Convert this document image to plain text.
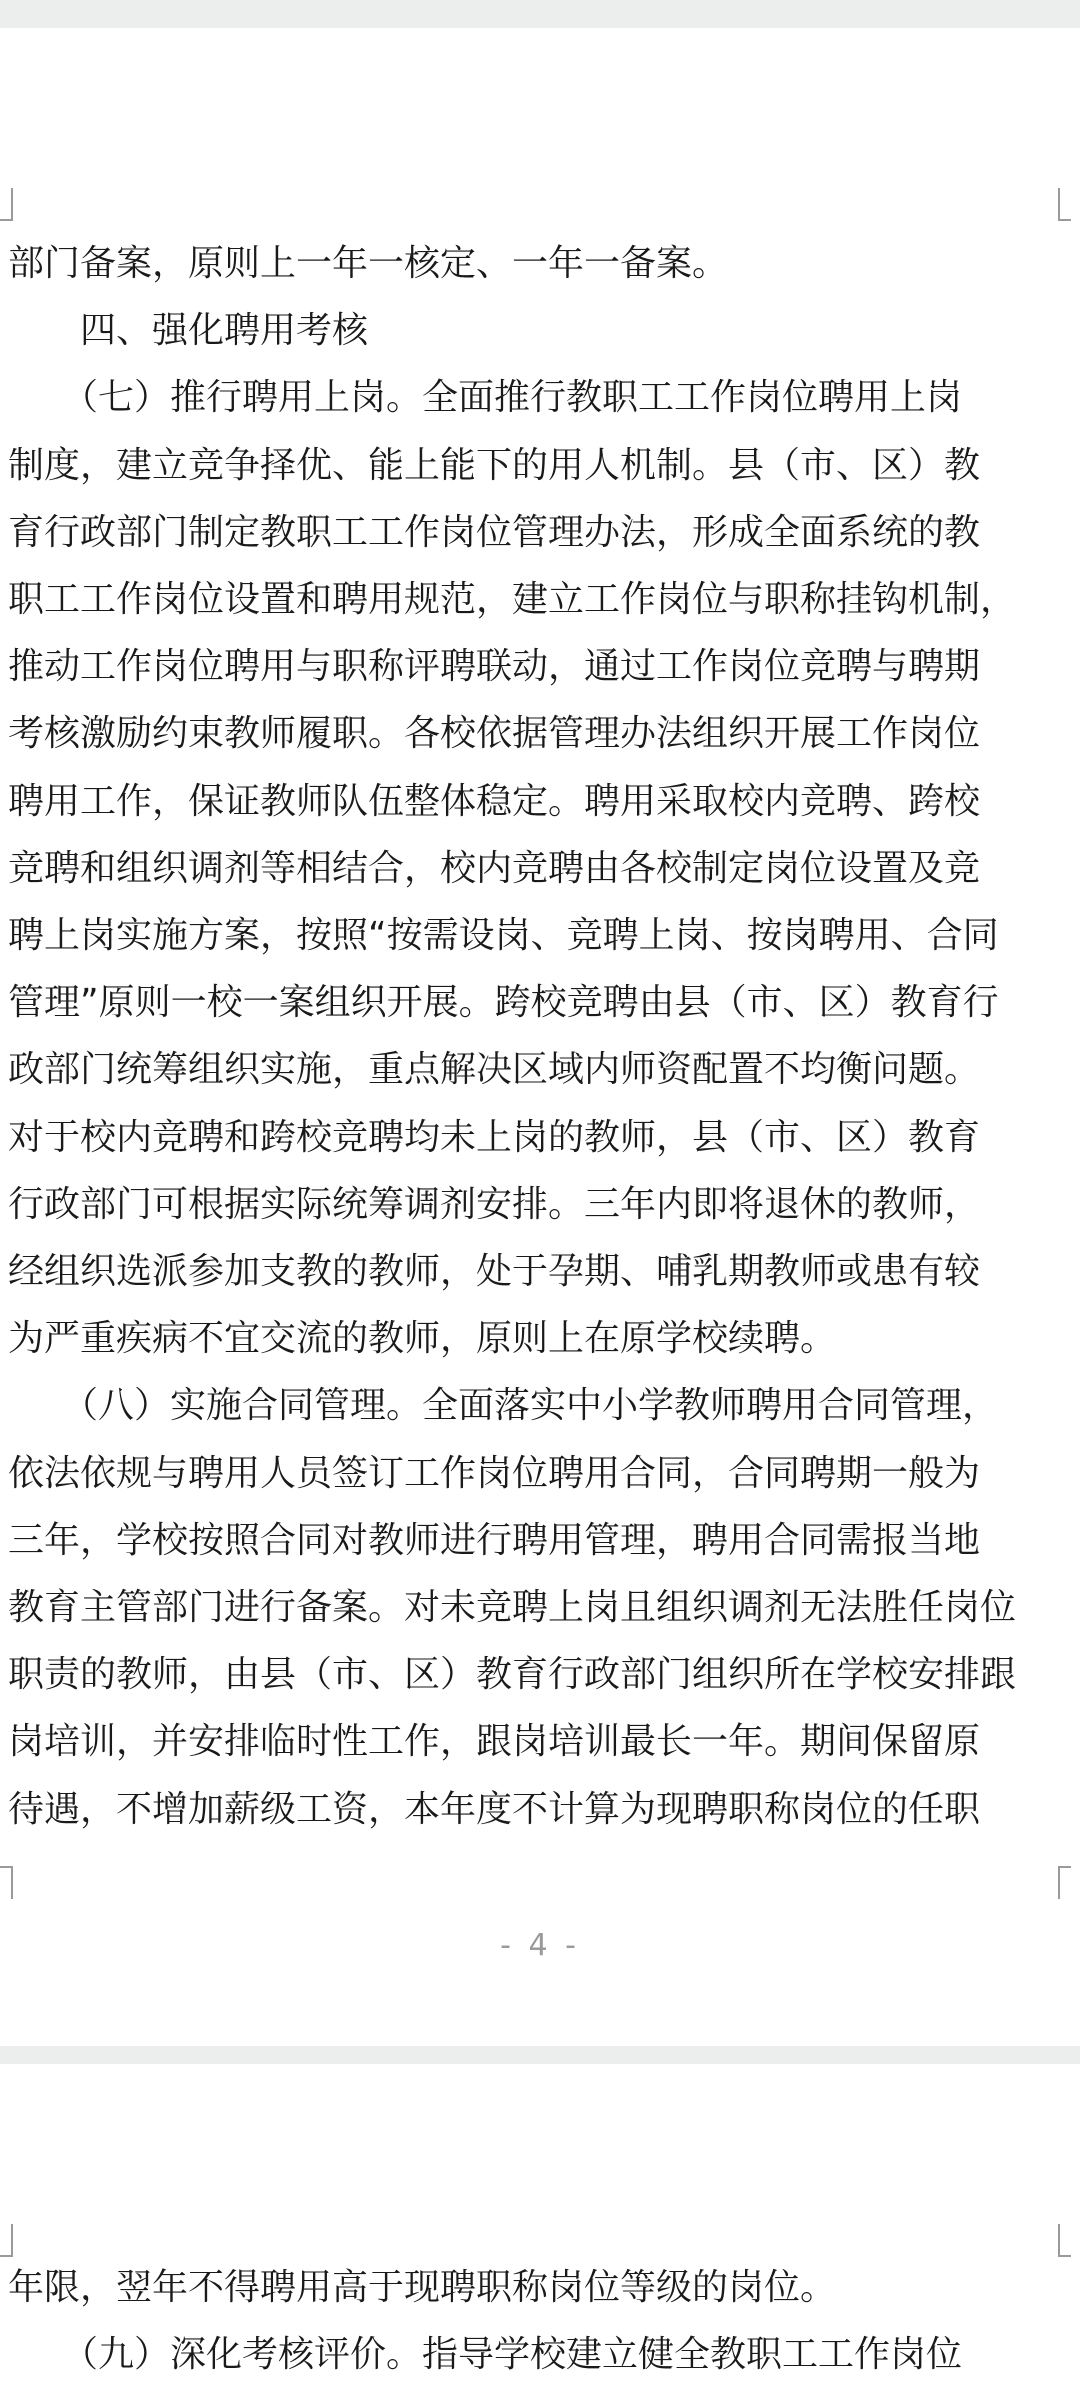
部门备案，原则上一年一核定、一年一备案。
　　四、强化聘用考核
　　（七）推行聘用上岗。全面推行教职工工作岗位聘用上岗
制度，建立竞争择优、能上能下的用人机制。县（市、区）教
育行政部门制定教职工工作岗位管理办法，形成全面系统的教
职工工作岗位设置和聘用规范，建立工作岗位与职称挂钩机制，
推动工作岗位聘用与职称评聘联动，通过工作岗位竞聘与聘期
考核激励约束教师履职。各校依据管理办法组织开展工作岗位
聘用工作，保证教师队伍整体稳定。聘用采取校内竞聘、跨校
竞聘和组织调剂等相结合，校内竞聘由各校制定岗位设置及竞
聘上岗实施方案，按照“按需设岗、竞聘上岗、按岗聘用、合同
管理”原则一校一案组织开展。跨校竞聘由县（市、区）教育行
政部门统筹组织实施，重点解决区域内师资配置不均衡问题。
对于校内竞聘和跨校竞聘均未上岗的教师，县（市、区）教育
行政部门可根据实际统筹调剂安排。三年内即将退休的教师，
经组织选派参加支教的教师，处于孕期、哺乳期教师或患有较
为严重疾病不宜交流的教师，原则上在原学校续聘。
　　（八）实施合同管理。全面落实中小学教师聘用合同管理，
依法依规与聘用人员签订工作岗位聘用合同，合同聘期一般为
三年，学校按照合同对教师进行聘用管理，聘用合同需报当地
教育主管部门进行备案。对未竞聘上岗且组织调剂无法胜任岗位
职责的教师，由县（市、区）教育行政部门组织所在学校安排跟
岗培训，并安排临时性工作，跟岗培训最长一年。期间保留原
待遇，不增加薪级工资，本年度不计算为现聘职称岗位的任职
- 4 -
年限，翌年不得聘用高于现聘职称岗位等级的岗位。
　　（九）深化考核评价。指导学校建立健全教职工工作岗位
